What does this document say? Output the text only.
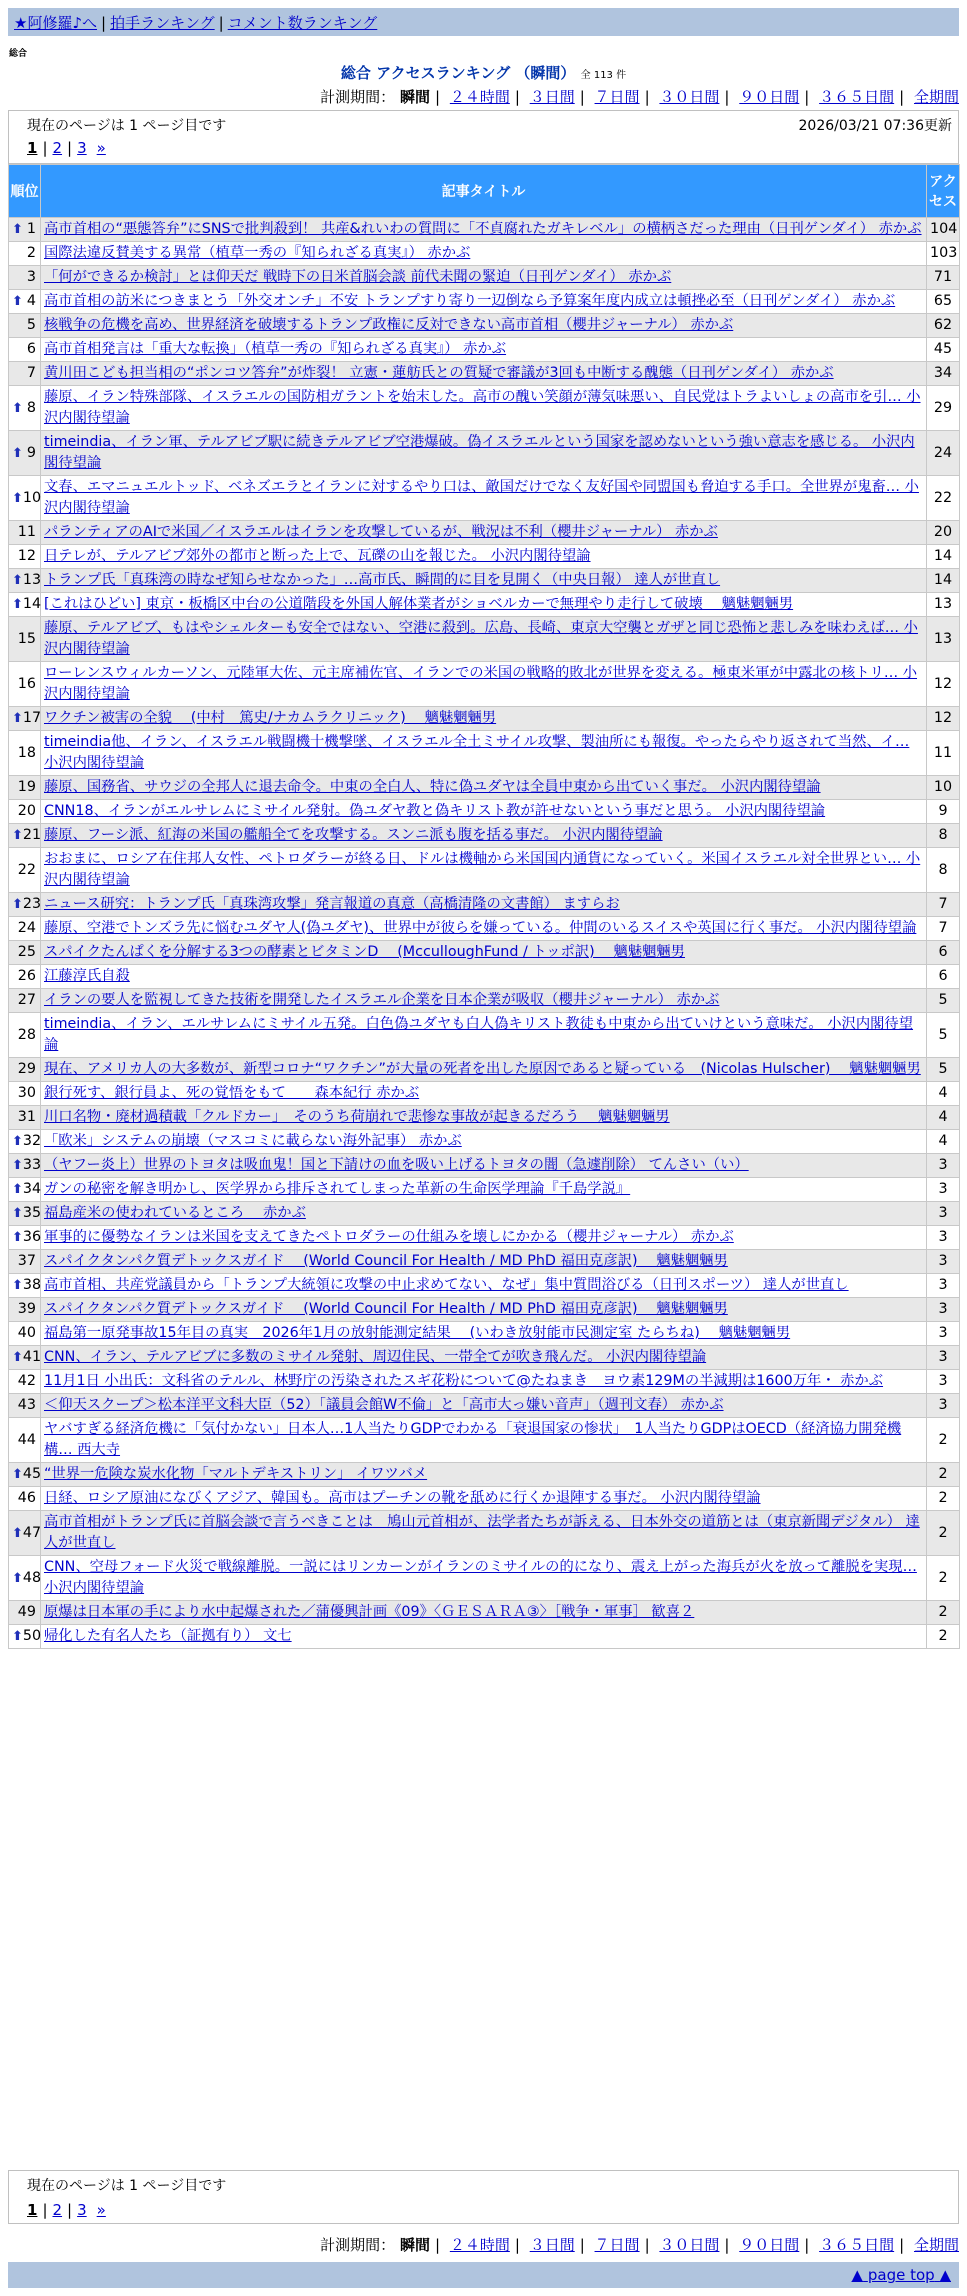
★阿修羅♪へ | 拍手ランキング | コメント数ランキング
総合
総合 アクセスランキング （瞬間） 全 113 件
計測期間： 瞬間 | ２４時間 | ３日間 | ７日間 | ３０日間 | ９０日間 | ３６５日間 | 全期間
現在のページは 1 ページ目です	2026/03/21 07:36更新
1 | 2 | 3 »
順位	記事タイトル	アクセス

⬆ 1	高市首相の“悪態答弁”にSNSで批判殺到！ 共産&れいわの質問に「不貞腐れたガキレベル」の横柄さだった理由（日刊ゲンダイ） 赤かぶ	104
2	国際法違反賛美する異常（植草一秀の『知られざる真実』） 赤かぶ	103
3	「何ができるか検討」とは仰天だ 戦時下の日米首脳会談 前代未聞の緊迫（日刊ゲンダイ） 赤かぶ	71

⬆ 4	高市首相の訪米につきまとう「外交オンチ」不安 トランプすり寄り一辺倒なら予算案年度内成立は頓挫必至（日刊ゲンダイ） 赤かぶ	65
5	核戦争の危機を高め、世界経済を破壊するトランプ政権に反対できない高市首相（櫻井ジャーナル） 赤かぶ	62
6	高市首相発言は「重大な転換」（植草一秀の『知られざる真実』） 赤かぶ	45
7	黄川田こども担当相の“ポンコツ答弁”が炸裂！ 立憲・蓮舫氏との質疑で審議が3回も中断する醜態（日刊ゲンダイ） 赤かぶ	34

⬆ 8	藤原、イラン特殊部隊、イスラエルの国防相ガラントを始末した。高市の醜い笑顔が薄気味悪い、自民党はトラよいしょの高市を引… 小沢内閣待望論	29

⬆ 9	timeindia、イラン軍、テルアビブ駅に続きテルアビブ空港爆破。偽イスラエルという国家を認めないという強い意志を感じる。 小沢内閣待望論	24

⬆ 10	文春、エマニュエルトッド、ベネズエラとイランに対するやり口は、敵国だけでなく友好国や同盟国も脅迫する手口。全世界が鬼畜… 小沢内閣待望論	22
11	パランティアのAIで米国／イスラエルはイランを攻撃しているが、戦況は不利（櫻井ジャーナル） 赤かぶ	20
12	日テレが、テルアビブ郊外の都市と断った上で、瓦礫の山を報じた。 小沢内閣待望論	14

⬆ 13	トランプ氏「真珠湾の時なぜ知らせなかった」…高市氏、瞬間的に目を見開く（中央日報） 達人が世直し	14

⬆ 14	[これはひどい] 東京・板橋区中台の公道階段を外国人解体業者がショベルカーで無理やり走行して破壊　 魑魅魍魎男	13
15	藤原、テルアビブ、もはやシェルターも安全ではない、空港に殺到。広島、長崎、東京大空襲とガザと同じ恐怖と悲しみを味わえば… 小沢内閣待望論	13
16	ローレンスウィルカーソン、元陸軍大佐、元主席補佐官、イランでの米国の戦略的敗北が世界を変える。極東米軍が中露北の核トリ… 小沢内閣待望論	12

⬆ 17	ワクチン被害の全貌　 (中村　篤史/ナカムラクリニック)　 魑魅魍魎男	12
18	timeindia他、イラン、イスラエル戦闘機十機撃墜、イスラエル全土ミサイル攻撃、製油所にも報復。やったらやり返されて当然、イ… 小沢内閣待望論	11
19	藤原、国務省、サウジの全邦人に退去命令。中東の全白人、特に偽ユダヤは全員中東から出ていく事だ。 小沢内閣待望論	10
20	CNN18、イランがエルサレムにミサイル発射。偽ユダヤ教と偽キリスト教が許せないという事だと思う。 小沢内閣待望論	9

⬆ 21	藤原、フーシ派、紅海の米国の艦船全てを攻撃する。スンニ派も腹を括る事だ。 小沢内閣待望論	8
22	おおまに、ロシア在住邦人女性、ペトロダラーが終る日、ドルは機軸から米国国内通貨になっていく。米国イスラエル対全世界とい… 小沢内閣待望論	8

⬆ 23	ニュース研究：トランプ氏「真珠湾攻撃」発言報道の真意（高橋清隆の文書館） ますらお	7
24	藤原、空港でトンズラ先に悩むユダヤ人(偽ユダヤ)、世界中が彼らを嫌っている。仲間のいるスイスや英国に行く事だ。 小沢内閣待望論	7
25	スパイクたんぱくを分解する3つの酵素とビタミンD　 (McculloughFund / トッポ訳)　 魑魅魍魎男	6
26	江藤淳氏自殺	6
27	イランの要人を監視してきた技術を開発したイスラエル企業を日本企業が吸収（櫻井ジャーナル） 赤かぶ	5
28	timeindia、イラン、エルサレムにミサイル五発。白色偽ユダヤも白人偽キリスト教徒も中東から出ていけという意味だ。 小沢内閣待望論	5
29	現在、アメリカ人の大多数が、新型コロナ“ワクチン”が大量の死者を出した原因であると疑っている　(Nicolas Hulscher)　 魑魅魍魎男	5
30	銀行死す、銀行員よ、死の覚悟をもて　　森本紀行 赤かぶ	4
31	川口名物・廃材過積載「クルドカー」　そのうち荷崩れで悲惨な事故が起きるだろう　 魑魅魍魎男	4

⬆ 32	「欧米」システムの崩壊（マスコミに載らない海外記事） 赤かぶ	4

⬆ 33	（ヤフー炎上）世界のトヨタは吸血鬼！国と下請けの血を吸い上げるトヨタの闇（急遽削除） てんさい（い）	3

⬆ 34	ガンの秘密を解き明かし、医学界から排斥されてしまった革新の生命医学理論『千島学説』	3

⬆ 35	福島産米の使われているところ　 赤かぶ	3

⬆ 36	軍事的に優勢なイランは米国を支えてきたペトロダラーの仕組みを壊しにかかる（櫻井ジャーナル） 赤かぶ	3
37	スパイクタンパク質デトックスガイド　 (World Council For Health / MD PhD 福田克彦訳)　 魑魅魍魎男	3

⬆ 38	高市首相、共産党議員から「トランプ大統領に攻撃の中止求めてない、なぜ」集中質問浴びる（日刊スポーツ） 達人が世直し	3
39	スパイクタンパク質デトックスガイド　 (World Council For Health / MD PhD 福田克彦訳)　 魑魅魍魎男	3
40	福島第一原発事故15年目の真実　2026年1月の放射能測定結果　 (いわき放射能市民測定室 たらちね)　 魑魅魍魎男	3

⬆ 41	CNN、イラン、テルアビブに多数のミサイル発射、周辺住民、一帯全てが吹き飛んだ。 小沢内閣待望論	3
42	11月1日 小出氏：文科省のテルル、林野庁の汚染されたスギ花粉について@たねまき　ヨウ素129Mの半減期は1600万年・ 赤かぶ	3
43	＜仰天スクープ＞松本洋平文科大臣（52）「議員会館W不倫」と「高市大っ嫌い音声」（週刊文春） 赤かぶ	3
44	ヤバすぎる経済危機に「気付かない」日本人…1人当たりGDPでわかる「衰退国家の惨状」　1人当たりGDPはOECD（経済協力開発機構… 西大寺	2

⬆ 45	“世界一危険な炭水化物「マルトデキストリン」 イワツバメ	2
46	日経、ロシア原油になびくアジア、韓国も。高市はプーチンの靴を舐めに行くか退陣する事だ。 小沢内閣待望論	2

⬆ 47	高市首相がトランプ氏に首脳会談で言うべきことは　鳩山元首相が、法学者たちが訴える、日本外交の道筋とは（東京新聞デジタル） 達人が世直し	2

⬆ 48	CNN、空母フォード火災で戦線離脱。一説にはリンカーンがイランのミサイルの的になり、震え上がった海兵が火を放って離脱を実現… 小沢内閣待望論	2
49	原爆は日本軍の手により水中起爆された／蒲優興計画《09》〈ＧＥＳＡＲＡ③〉［戦争・軍事］ 歓喜２	2

⬆ 50	帰化した有名人たち（証拠有り） 文七	2
現在のページは 1 ページ目です
1 | 2 | 3 »
計測期間： 瞬間 | ２４時間 | ３日間 | ７日間 | ３０日間 | ９０日間 | ３６５日間 | 全期間
▲ page top ▲
